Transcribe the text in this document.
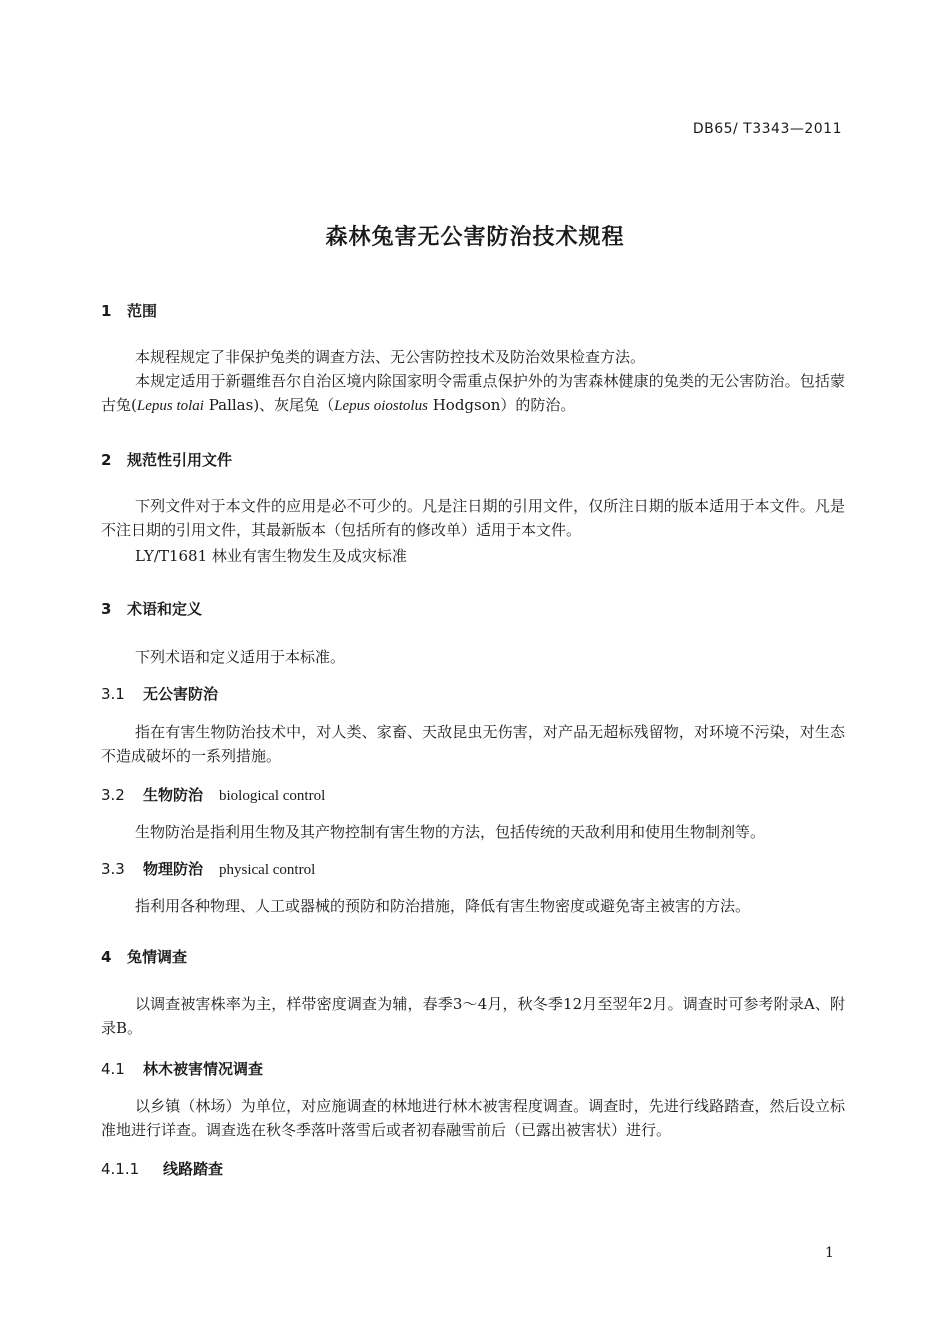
DB65/ T3343—2011
森林兔害无公害防治技术规程
1 范围
本规程规定了非保护兔类的调查方法、无公害防控技术及防治效果检查方法。
本规定适用于新疆维吾尔自治区境内除国家明令需重点保护外的为害森林健康的兔类的无公害防治。包括蒙古兔(Lepus tolai Pallas)、灰尾兔（Lepus oiostolus Hodgson）的防治。
2 规范性引用文件
下列文件对于本文件的应用是必不可少的。凡是注日期的引用文件，仅所注日期的版本适用于本文件。凡是不注日期的引用文件，其最新版本（包括所有的修改单）适用于本文件。
LY/T1681 林业有害生物发生及成灾标准
3 术语和定义
下列术语和定义适用于本标准。
3.1 无公害防治
指在有害生物防治技术中，对人类、家畜、天敌昆虫无伤害，对产品无超标残留物，对环境不污染，对生态不造成破坏的一系列措施。
3.2 生物防治 biological control
生物防治是指利用生物及其产物控制有害生物的方法，包括传统的天敌利用和使用生物制剂等。
3.3 物理防治 physical control
指利用各种物理、人工或器械的预防和防治措施，降低有害生物密度或避免寄主被害的方法。
4 兔情调查
以调查被害株率为主，样带密度调查为辅，春季3～4月，秋冬季12月至翌年2月。调查时可参考附录A、附录B。
4.1 林木被害情况调查
以乡镇（林场）为单位，对应施调查的林地进行林木被害程度调查。调查时，先进行线路踏查，然后设立标准地进行详查。调查选在秋冬季落叶落雪后或者初春融雪前后（已露出被害状）进行。
4.1.1 线路踏查
1
